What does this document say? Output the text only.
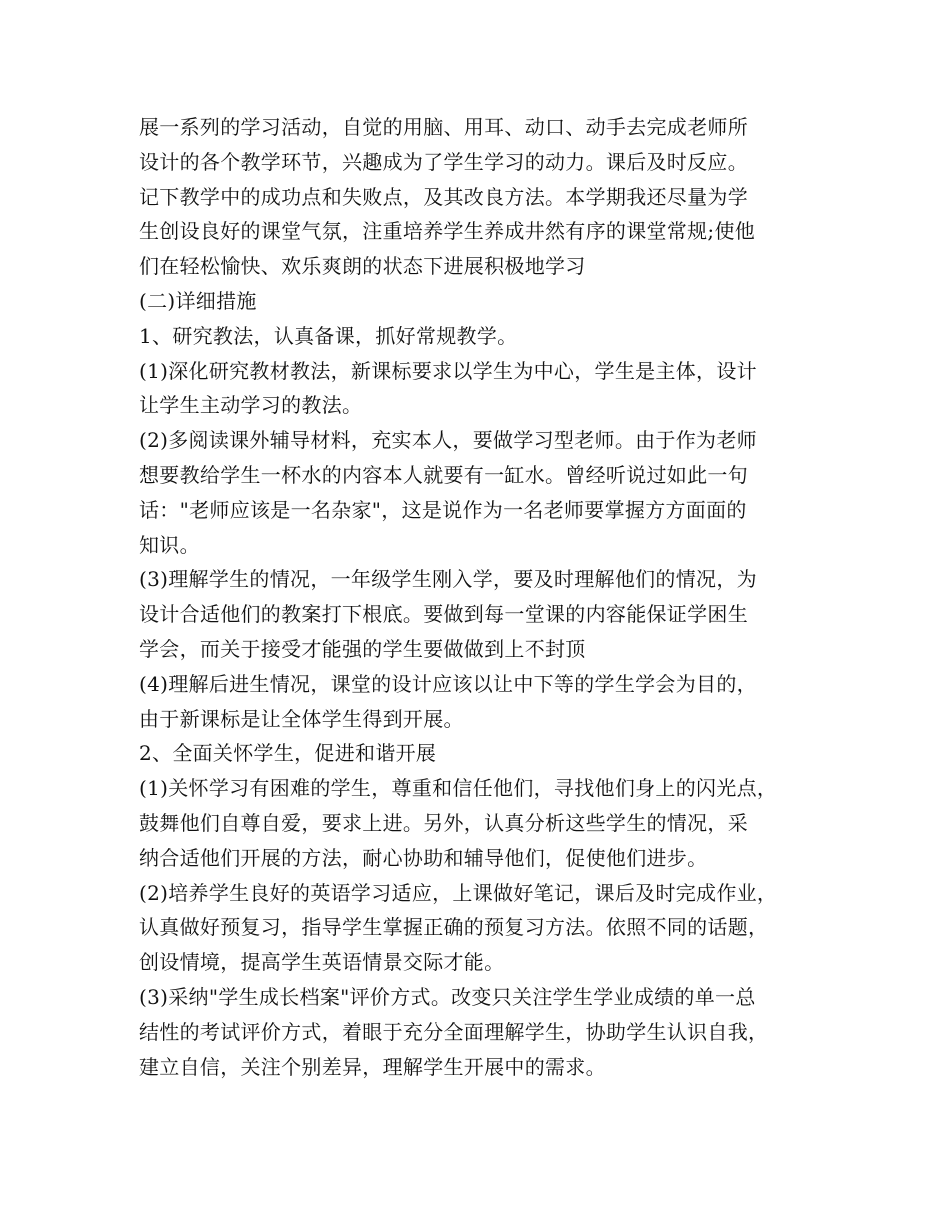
展一系列的学习活动，自觉的用脑、用耳、动口、动手去完成老师所
设计的各个教学环节，兴趣成为了学生学习的动力。课后及时反应。
记下教学中的成功点和失败点，及其改良方法。本学期我还尽量为学
生创设良好的课堂气氛，注重培养学生养成井然有序的课堂常规;使他
们在轻松愉快、欢乐爽朗的状态下进展积极地学习
(二)详细措施
1、研究教法，认真备课，抓好常规教学。
(1)深化研究教材教法，新课标要求以学生为中心，学生是主体，设计
让学生主动学习的教法。
(2)多阅读课外辅导材料，充实本人，要做学习型老师。由于作为老师
想要教给学生一杯水的内容本人就要有一缸水。曾经听说过如此一句
话："老师应该是一名杂家"，这是说作为一名老师要掌握方方面面的
知识。
(3)理解学生的情况，一年级学生刚入学，要及时理解他们的情况，为
设计合适他们的教案打下根底。要做到每一堂课的内容能保证学困生
学会，而关于接受才能强的学生要做做到上不封顶
(4)理解后进生情况，课堂的设计应该以让中下等的学生学会为目的，
由于新课标是让全体学生得到开展。
2、全面关怀学生，促进和谐开展
(1)关怀学习有困难的学生，尊重和信任他们，寻找他们身上的闪光点，
鼓舞他们自尊自爱，要求上进。另外，认真分析这些学生的情况，采
纳合适他们开展的方法，耐心协助和辅导他们，促使他们进步。
(2)培养学生良好的英语学习适应，上课做好笔记，课后及时完成作业，
认真做好预复习，指导学生掌握正确的预复习方法。依照不同的话题，
创设情境，提高学生英语情景交际才能。
(3)采纳"学生成长档案"评价方式。改变只关注学生学业成绩的单一总
结性的考试评价方式，着眼于充分全面理解学生，协助学生认识自我，
建立自信，关注个别差异，理解学生开展中的需求。
